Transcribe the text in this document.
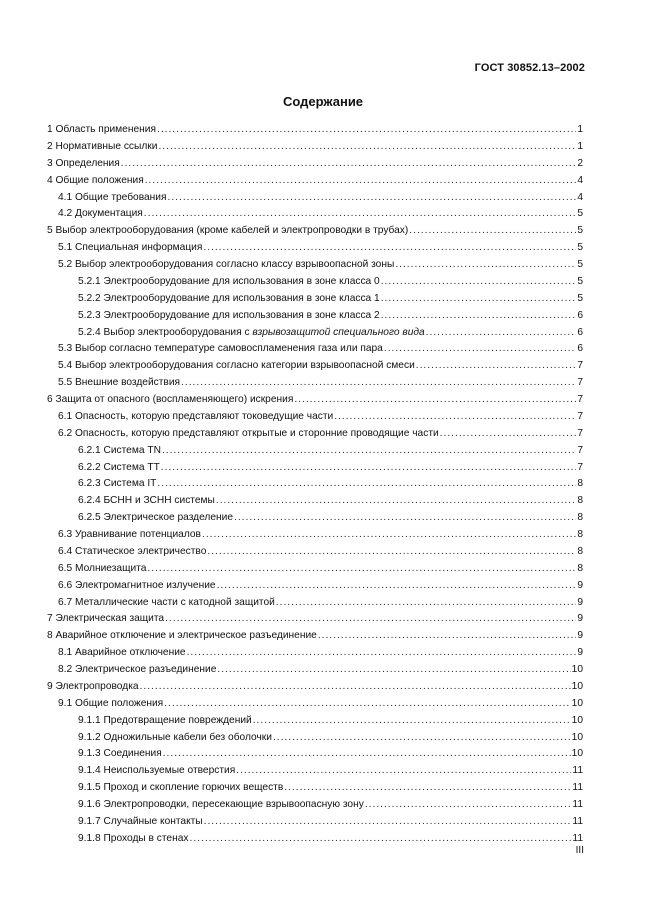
ГОСТ 30852.13–2002
Содержание
1 Область применения .....	1
2 Нормативные ссылки .....	1
3 Определения .....	2
4 Общие положения .....	4
4.1 Общие требования .....	4
4.2 Документация .....	5
5 Выбор электрооборудования (кроме кабелей и электропроводки в трубах) .....	5
5.1 Специальная информация .....	5
5.2 Выбор электрооборудования согласно классу взрывоопасной зоны .....	5
5.2.1 Электрооборудование для использования в зоне класса 0 .....	5
5.2.2 Электрооборудование для использования в зоне класса 1 .....	5
5.2.3 Электрооборудование для использования в зоне класса 2 .....	6
5.2.4 Выбор электрооборудования с взрывозащитой специального вида .....	6
5.3 Выбор согласно температуре самовоспламенения газа или пара .....	6
5.4 Выбор электрооборудования согласно категории взрывоопасной смеси .....	7
5.5 Внешние воздействия .....	7
6 Защита от опасного (воспламеняющего) искрения .....	7
6.1 Опасность, которую представляют токоведущие части .....	7
6.2 Опасность, которую представляют открытые и сторонние проводящие части .....	7
6.2.1 Система TN .....	7
6.2.2 Система TT .....	7
6.2.3 Система IT .....	8
6.2.4 БСНН и ЗСНН системы .....	8
6.2.5 Электрическое разделение .....	8
6.3 Уравнивание потенциалов .....	8
6.4 Статическое электричество .....	8
6.5 Молниезащита .....	8
6.6 Электромагнитное излучение .....	9
6.7 Металлические части с катодной защитой .....	9
7 Электрическая защита .....	9
8 Аварийное отключение и электрическое разъединение .....	9
8.1 Аварийное отключение .....	9
8.2 Электрическое разъединение .....	10
9 Электропроводка .....	10
9.1 Общие положения .....	10
9.1.1 Предотвращение повреждений .....	10
9.1.2 Одножильные кабели без оболочки .....	10
9.1.3 Соединения .....	10
9.1.4 Неиспользуемые отверстия .....	11
9.1.5 Проход и скопление горючих веществ .....	11
9.1.6 Электропроводки, пересекающие взрывоопасную зону .....	11
9.1.7 Случайные контакты .....	11
9.1.8 Проходы в стенах .....	11
III
